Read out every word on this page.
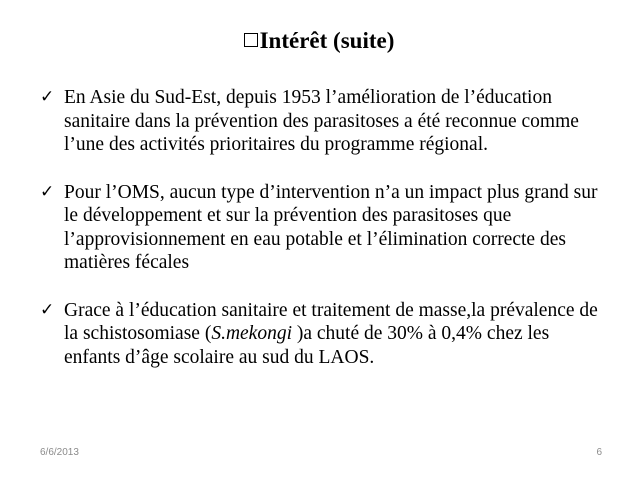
Intérêt (suite)
✓ En Asie du Sud-Est, depuis 1953 l’amélioration de l’éducation sanitaire dans la prévention des parasitoses a été reconnue comme l’une des activités prioritaires du programme régional.
✓ Pour l’OMS, aucun type d’intervention n’a un impact plus grand sur le développement et sur la prévention des parasitoses que l’approvisionnement en eau potable et l’élimination correcte des matières fécales
✓ Grace à l’éducation sanitaire et traitement de masse,la prévalence de la schistosomiase (S.mekongi )a chuté de 30% à 0,4% chez les enfants d’âge scolaire au sud du LAOS.
6/6/2013	6
